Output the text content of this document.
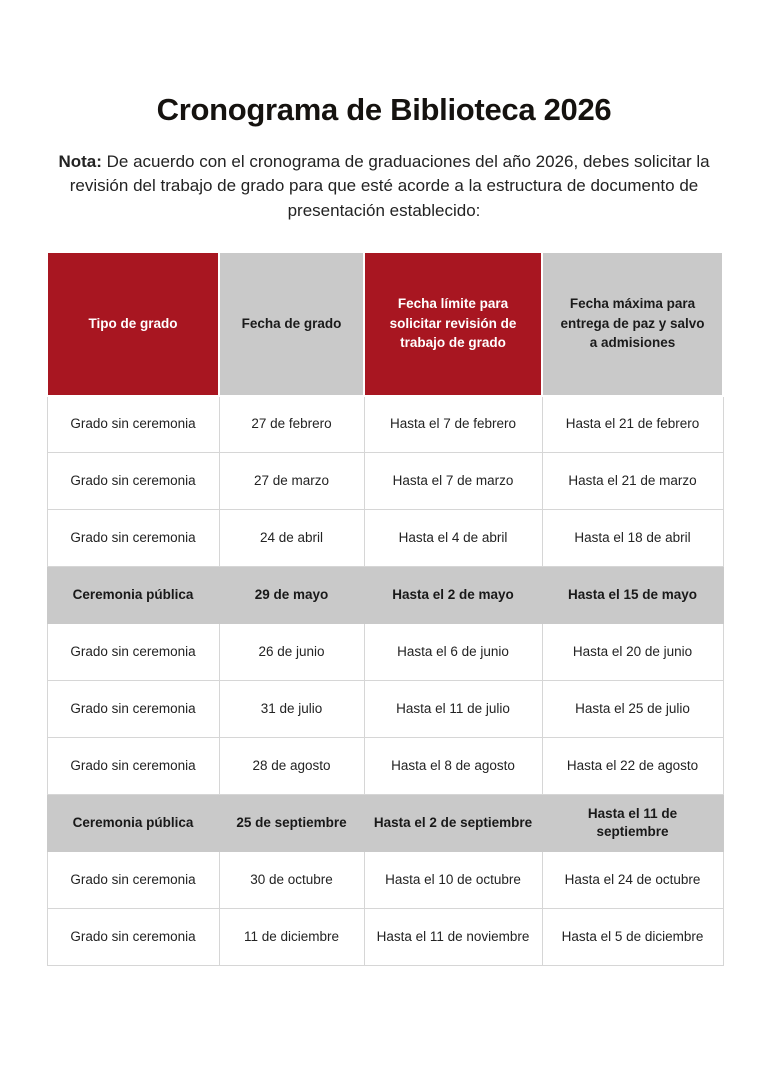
Cronograma de Biblioteca 2026

Nota: De acuerdo con el cronograma de graduaciones del año 2026, debes solicitar la revisión del trabajo de grado para que esté acorde a la estructura de documento de presentación establecido:

Tipo de grado	Fecha de grado	Fecha límite para solicitar revisión de trabajo de grado	Fecha máxima para entrega de paz y salvo a admisiones
Grado sin ceremonia	27 de febrero	Hasta el 7 de febrero	Hasta el 21 de febrero
Grado sin ceremonia	27 de marzo	Hasta el 7 de marzo	Hasta el 21 de marzo
Grado sin ceremonia	24 de abril	Hasta el 4 de abril	Hasta el 18 de abril
Ceremonia pública	29 de mayo	Hasta el 2 de mayo	Hasta el 15 de mayo
Grado sin ceremonia	26 de junio	Hasta el 6 de junio	Hasta el 20 de junio
Grado sin ceremonia	31 de julio	Hasta el 11 de julio	Hasta el 25 de julio
Grado sin ceremonia	28 de agosto	Hasta el 8 de agosto	Hasta el 22 de agosto
Ceremonia pública	25 de septiembre	Hasta el 2 de septiembre	Hasta el 11 de septiembre
Grado sin ceremonia	30 de octubre	Hasta el 10 de octubre	Hasta el 24 de octubre
Grado sin ceremonia	11 de diciembre	Hasta el 11 de noviembre	Hasta el 5 de diciembre
